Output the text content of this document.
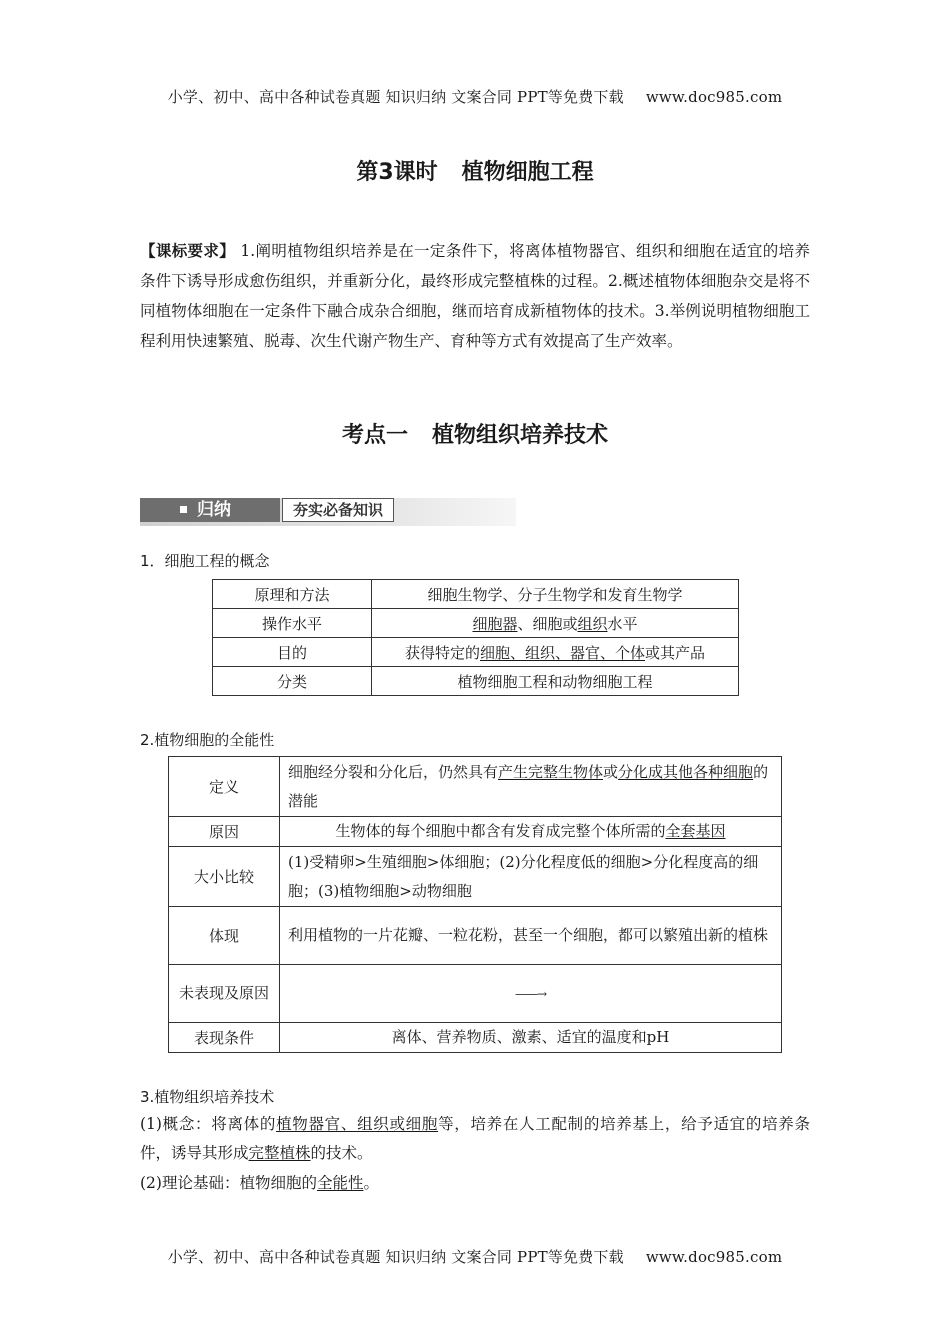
小学、初中、高中各种试卷真题 知识归纳 文案合同 PPT等免费下载 www.doc985.com
第3课时 植物细胞工程
【课标要求】 1.阐明植物组织培养是在一定条件下，将离体植物器官、组织和细胞在适宜的培养条件下诱导形成愈伤组织，并重新分化，最终形成完整植株的过程。2.概述植物体细胞杂交是将不同植物体细胞在一定条件下融合成杂合细胞，继而培育成新植物体的技术。3.举例说明植物细胞工程利用快速繁殖、脱毒、次生代谢产物生产、育种等方式有效提高了生产效率。
考点一 植物组织培养技术
归纳	夯实必备知识
1．细胞工程的概念
原理和方法	细胞生物学、分子生物学和发育生物学
操作水平	细胞器、细胞或组织水平
目的	获得特定的细胞、组织、器官、个体或其产品
分类	植物细胞工程和动物细胞工程
2.植物细胞的全能性
定义	细胞经分裂和分化后，仍然具有产生完整生物体或分化成其他各种细胞的潜能
原因	生物体的每个细胞中都含有发育成完整个体所需的全套基因
大小比较	(1)受精卵>生殖细胞>体细胞；(2)分化程度低的细胞>分化程度高的细胞；(3)植物细胞>动物细胞
体现	利用植物的一片花瓣、一粒花粉，甚至一个细胞，都可以繁殖出新的植株
未表现及原因	——→
表现条件	离体、营养物质、激素、适宜的温度和pH
3.植物组织培养技术
(1)概念：将离体的植物器官、组织或细胞等，培养在人工配制的培养基上，给予适宜的培养条件，诱导其形成完整植株的技术。
(2)理论基础：植物细胞的全能性。
小学、初中、高中各种试卷真题 知识归纳 文案合同 PPT等免费下载 www.doc985.com
